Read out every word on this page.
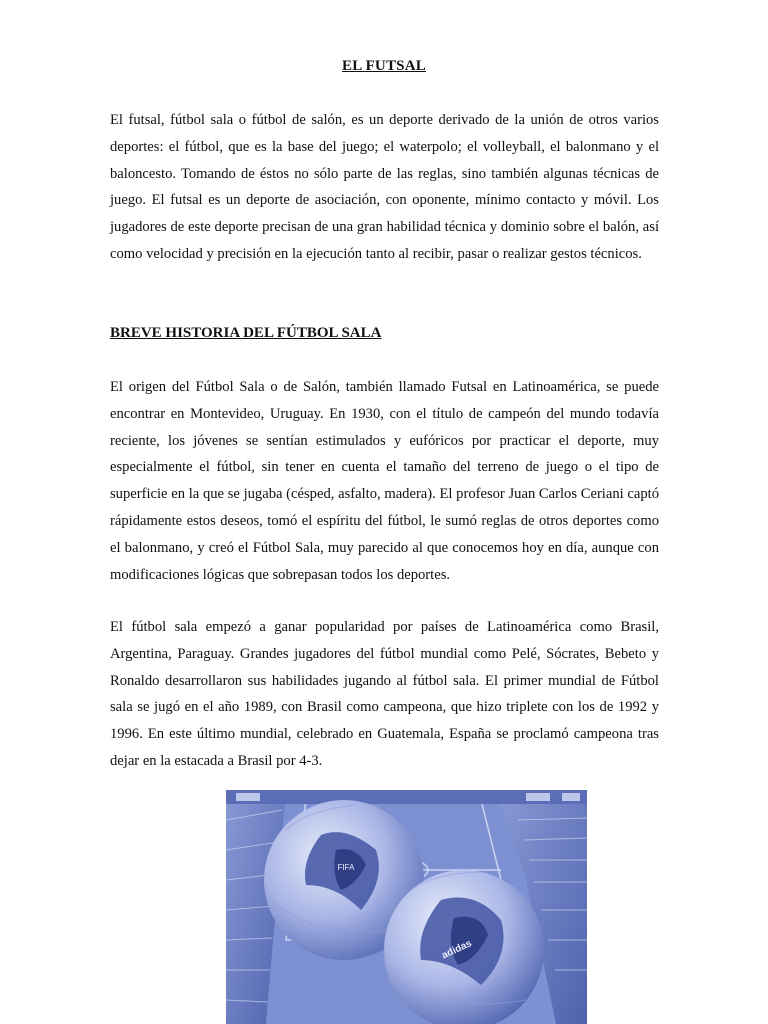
EL FUTSAL

El futsal, fútbol sala o fútbol de salón, es un deporte derivado de la unión de otros varios deportes: el fútbol, que es la base del juego; el waterpolo; el volleyball, el balonmano y el baloncesto. Tomando de éstos no sólo parte de las reglas, sino también algunas técnicas de juego. El futsal es un deporte de asociación, con oponente, mínimo contacto y móvil. Los jugadores de este deporte precisan de una gran habilidad técnica y dominio sobre el balón, así como velocidad y precisión en la ejecución tanto al recibir, pasar o realizar gestos técnicos.

BREVE HISTORIA DEL FÚTBOL SALA

El origen del Fútbol Sala o de Salón, también llamado Futsal en Latinoamérica, se puede encontrar en Montevideo, Uruguay. En 1930, con el título de campeón del mundo todavía reciente, los jóvenes se sentían estimulados y eufóricos por practicar el deporte, muy especialmente el fútbol, sin tener en cuenta el tamaño del terreno de juego o el tipo de superficie en la que se jugaba (césped, asfalto, madera). El profesor Juan Carlos Ceriani captó rápidamente estos deseos, tomó el espíritu del fútbol, le sumó reglas de otros deportes como el balonmano, y creó el Fútbol Sala, muy parecido al que conocemos hoy en día, aunque con modificaciones lógicas que sobrepasan todos los deportes.

El fútbol sala empezó a ganar popularidad por países de Latinoamérica como Brasil, Argentina, Paraguay. Grandes jugadores del fútbol mundial como Pelé, Sócrates, Bebeto y Ronaldo desarrollaron sus habilidades jugando al fútbol sala. El primer mundial de Fútbol sala se jugó en el año 1989, con Brasil como campeona, que hizo triplete con los de 1992 y 1996. En este último mundial, celebrado en Guatemala, España se proclamó campeona tras dejar en la estacada a Brasil por 4-3.

FIFA
adidas
